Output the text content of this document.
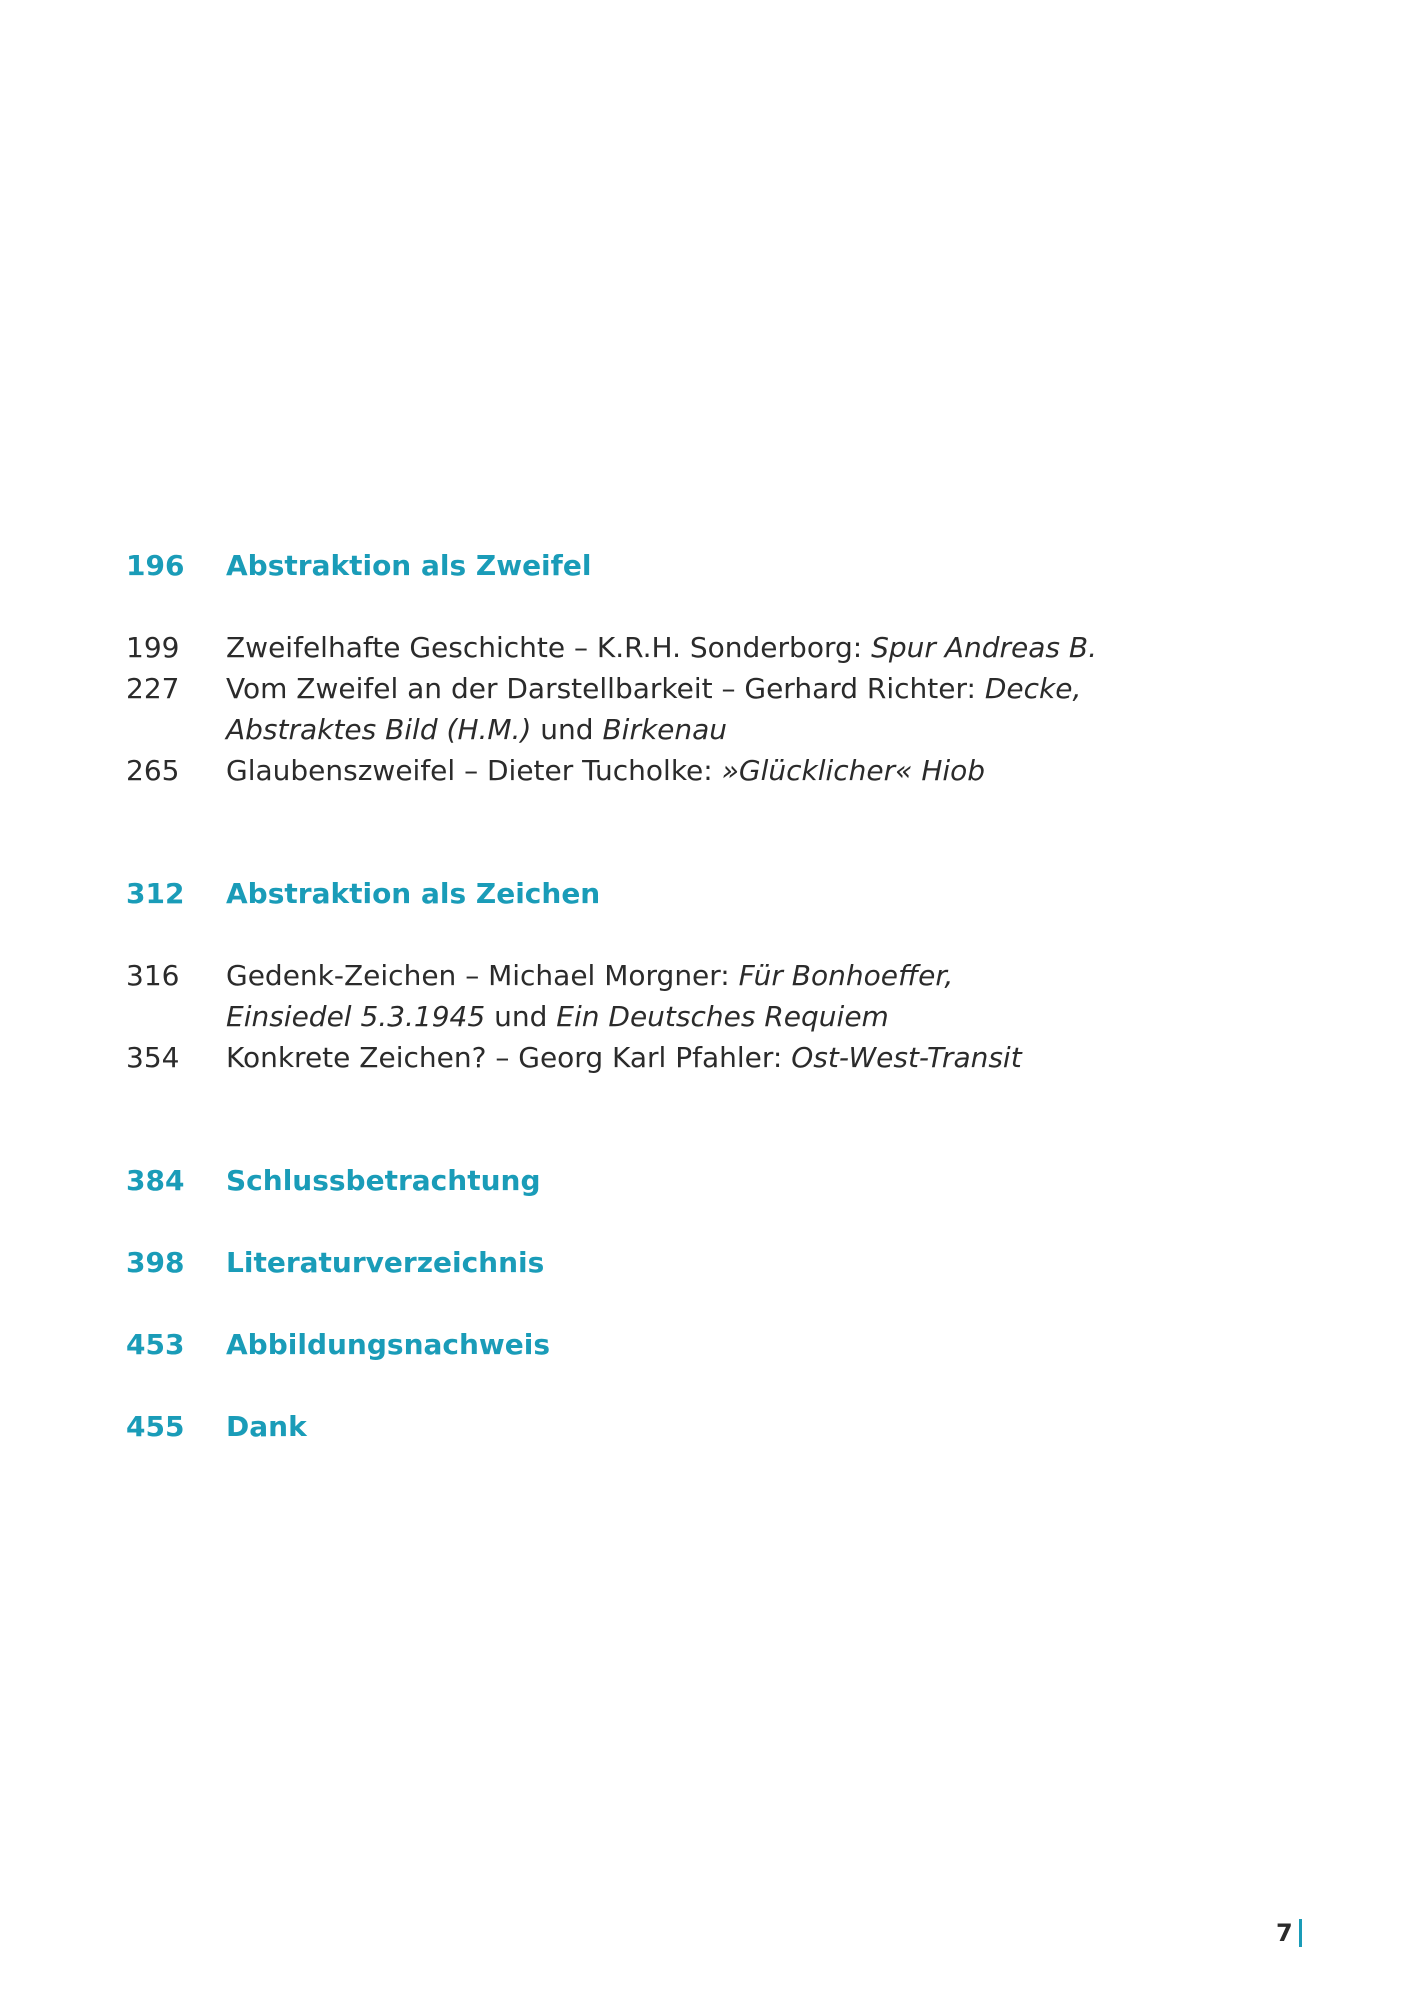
196	Abstraktion als Zweifel
199	Zweifelhafte Geschichte – K.R.H. Sonderborg: Spur Andreas B.
227	Vom Zweifel an der Darstellbarkeit – Gerhard Richter: Decke,
Abstraktes Bild (H.M.) und Birkenau
265	Glaubenszweifel – Dieter Tucholke: »Glücklicher« Hiob
312	Abstraktion als Zeichen
316	Gedenk-Zeichen – Michael Morgner: Für Bonhoeffer,
Einsiedel 5.3.1945 und Ein Deutsches Requiem
354	Konkrete Zeichen? – Georg Karl Pfahler: Ost-West-Transit
384	Schlussbetrachtung
398	Literaturverzeichnis
453	Abbildungsnachweis
455	Dank
7
